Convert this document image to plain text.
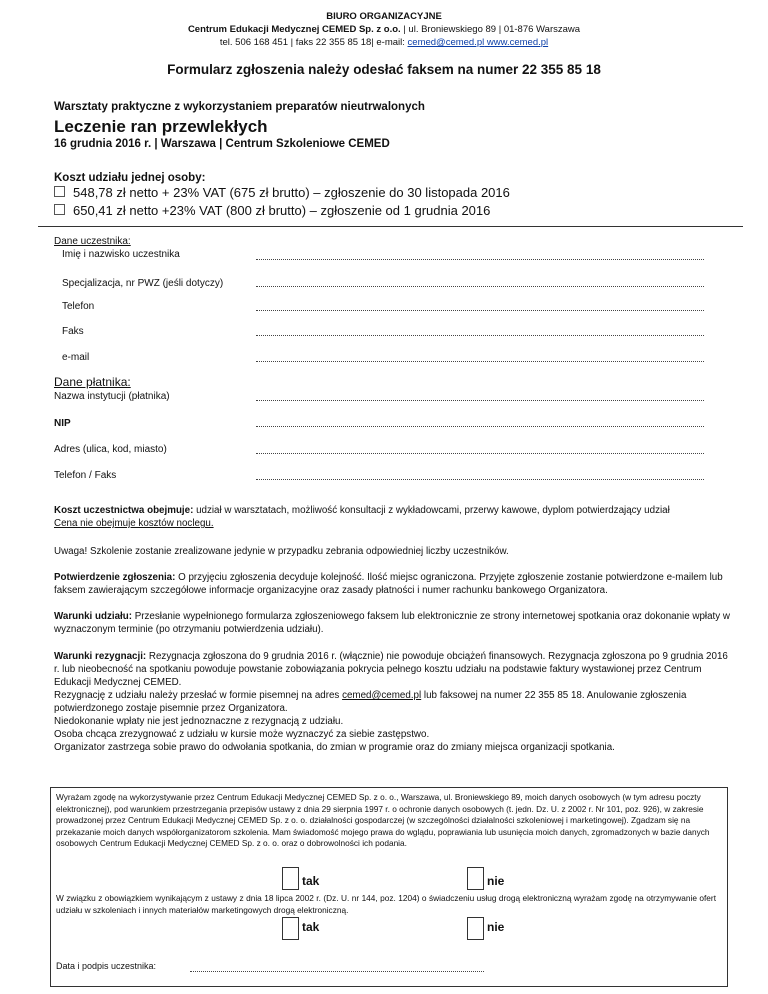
BIURO ORGANIZACYJNE
Centrum Edukacji Medycznej CEMED Sp. z o.o. | ul. Broniewskiego 89 | 01-876 Warszawa
tel. 506 168 451 | faks 22 355 85 18| e-mail: cemed@cemed.pl www.cemed.pl
Formularz zgłoszenia należy odesłać faksem na numer 22 355 85 18
Warsztaty praktyczne z wykorzystaniem preparatów nieutrwalonych
Leczenie ran przewlekłych
16 grudnia 2016 r. | Warszawa | Centrum Szkoleniowe CEMED
Koszt udziału jednej osoby:
548,78 zł netto + 23% VAT (675 zł brutto) – zgłoszenie do 30 listopada 2016
650,41 zł netto +23% VAT (800 zł brutto) – zgłoszenie od 1 grudnia 2016
Dane uczestnika:
Imię i nazwisko uczestnika
Specjalizacja, nr PWZ (jeśli dotyczy)
Telefon
Faks
e-mail
Dane płatnika:
Nazwa instytucji (płatnika)
NIP
Adres (ulica, kod, miasto)
Telefon / Faks
Koszt uczestnictwa obejmuje: udział w warsztatach, możliwość konsultacji z wykładowcami, przerwy kawowe, dyplom potwierdzający udział
Cena nie obejmuje kosztów noclegu.
Uwaga! Szkolenie zostanie zrealizowane jedynie w przypadku zebrania odpowiedniej liczby uczestników.
Potwierdzenie zgłoszenia: O przyjęciu zgłoszenia decyduje kolejność. Ilość miejsc ograniczona. Przyjęte zgłoszenie zostanie potwierdzone e-mailem lub faksem zawierającym szczegółowe informacje organizacyjne oraz zasady płatności i numer rachunku bankowego Organizatora.
Warunki udziału: Przesłanie wypełnionego formularza zgłoszeniowego faksem lub elektronicznie ze strony internetowej spotkania oraz dokonanie wpłaty w wyznaczonym terminie (po otrzymaniu potwierdzenia udziału).
Warunki rezygnacji: Rezygnacja zgłoszona do 9 grudnia 2016 r. (włącznie) nie powoduje obciążeń finansowych. Rezygnacja zgłoszona po 9 grudnia 2016 r. lub nieobecność na spotkaniu powoduje powstanie zobowiązania pokrycia pełnego kosztu udziału na podstawie faktury wystawionej przez Centrum Edukacji Medycznej CEMED.
Rezygnację z udziału należy przesłać w formie pisemnej na adres cemed@cemed.pl lub faksowej na numer 22 355 85 18. Anulowanie zgłoszenia potwierdzonego zostaje pisemnie przez Organizatora.
Niedokonanie wpłaty nie jest jednoznaczne z rezygnacją z udziału.
Osoba chcąca zrezygnować z udziału w kursie może wyznaczyć za siebie zastępstwo.
Organizator zastrzega sobie prawo do odwołania spotkania, do zmian w programie oraz do zmiany miejsca organizacji spotkania.
Wyrażam zgodę na wykorzystywanie przez Centrum Edukacji Medycznej CEMED Sp. z o. o., Warszawa, ul. Broniewskiego 89, moich danych osobowych (w tym adresu poczty elektronicznej), pod warunkiem przestrzegania przepisów ustawy z dnia 29 sierpnia 1997 r. o ochronie danych osobowych (t. jedn. Dz. U. z 2002 r. Nr 101, poz. 926), w zakresie prowadzonej przez Centrum Edukacji Medycznej CEMED Sp. z o. o. działalności gospodarczej (w szczególności działalności szkoleniowej i marketingowej). Zgadzam się na przekazanie moich danych współorganizatorom szkolenia. Mam świadomość mojego prawa do wglądu, poprawiania lub usunięcia moich danych, zgromadzonych w bazie danych osobowych Centrum Edukacji Medycznej CEMED Sp. z o. o. oraz o dobrowolności ich podania.
tak	nie
W związku z obowiązkiem wynikającym z ustawy z dnia 18 lipca 2002 r. (Dz. U. nr 144, poz. 1204) o świadczeniu usług drogą elektroniczną wyrażam zgodę na otrzymywanie ofert udziału w szkoleniach i innych materiałów marketingowych drogą elektroniczną.
tak	nie
Data i podpis uczestnika:
